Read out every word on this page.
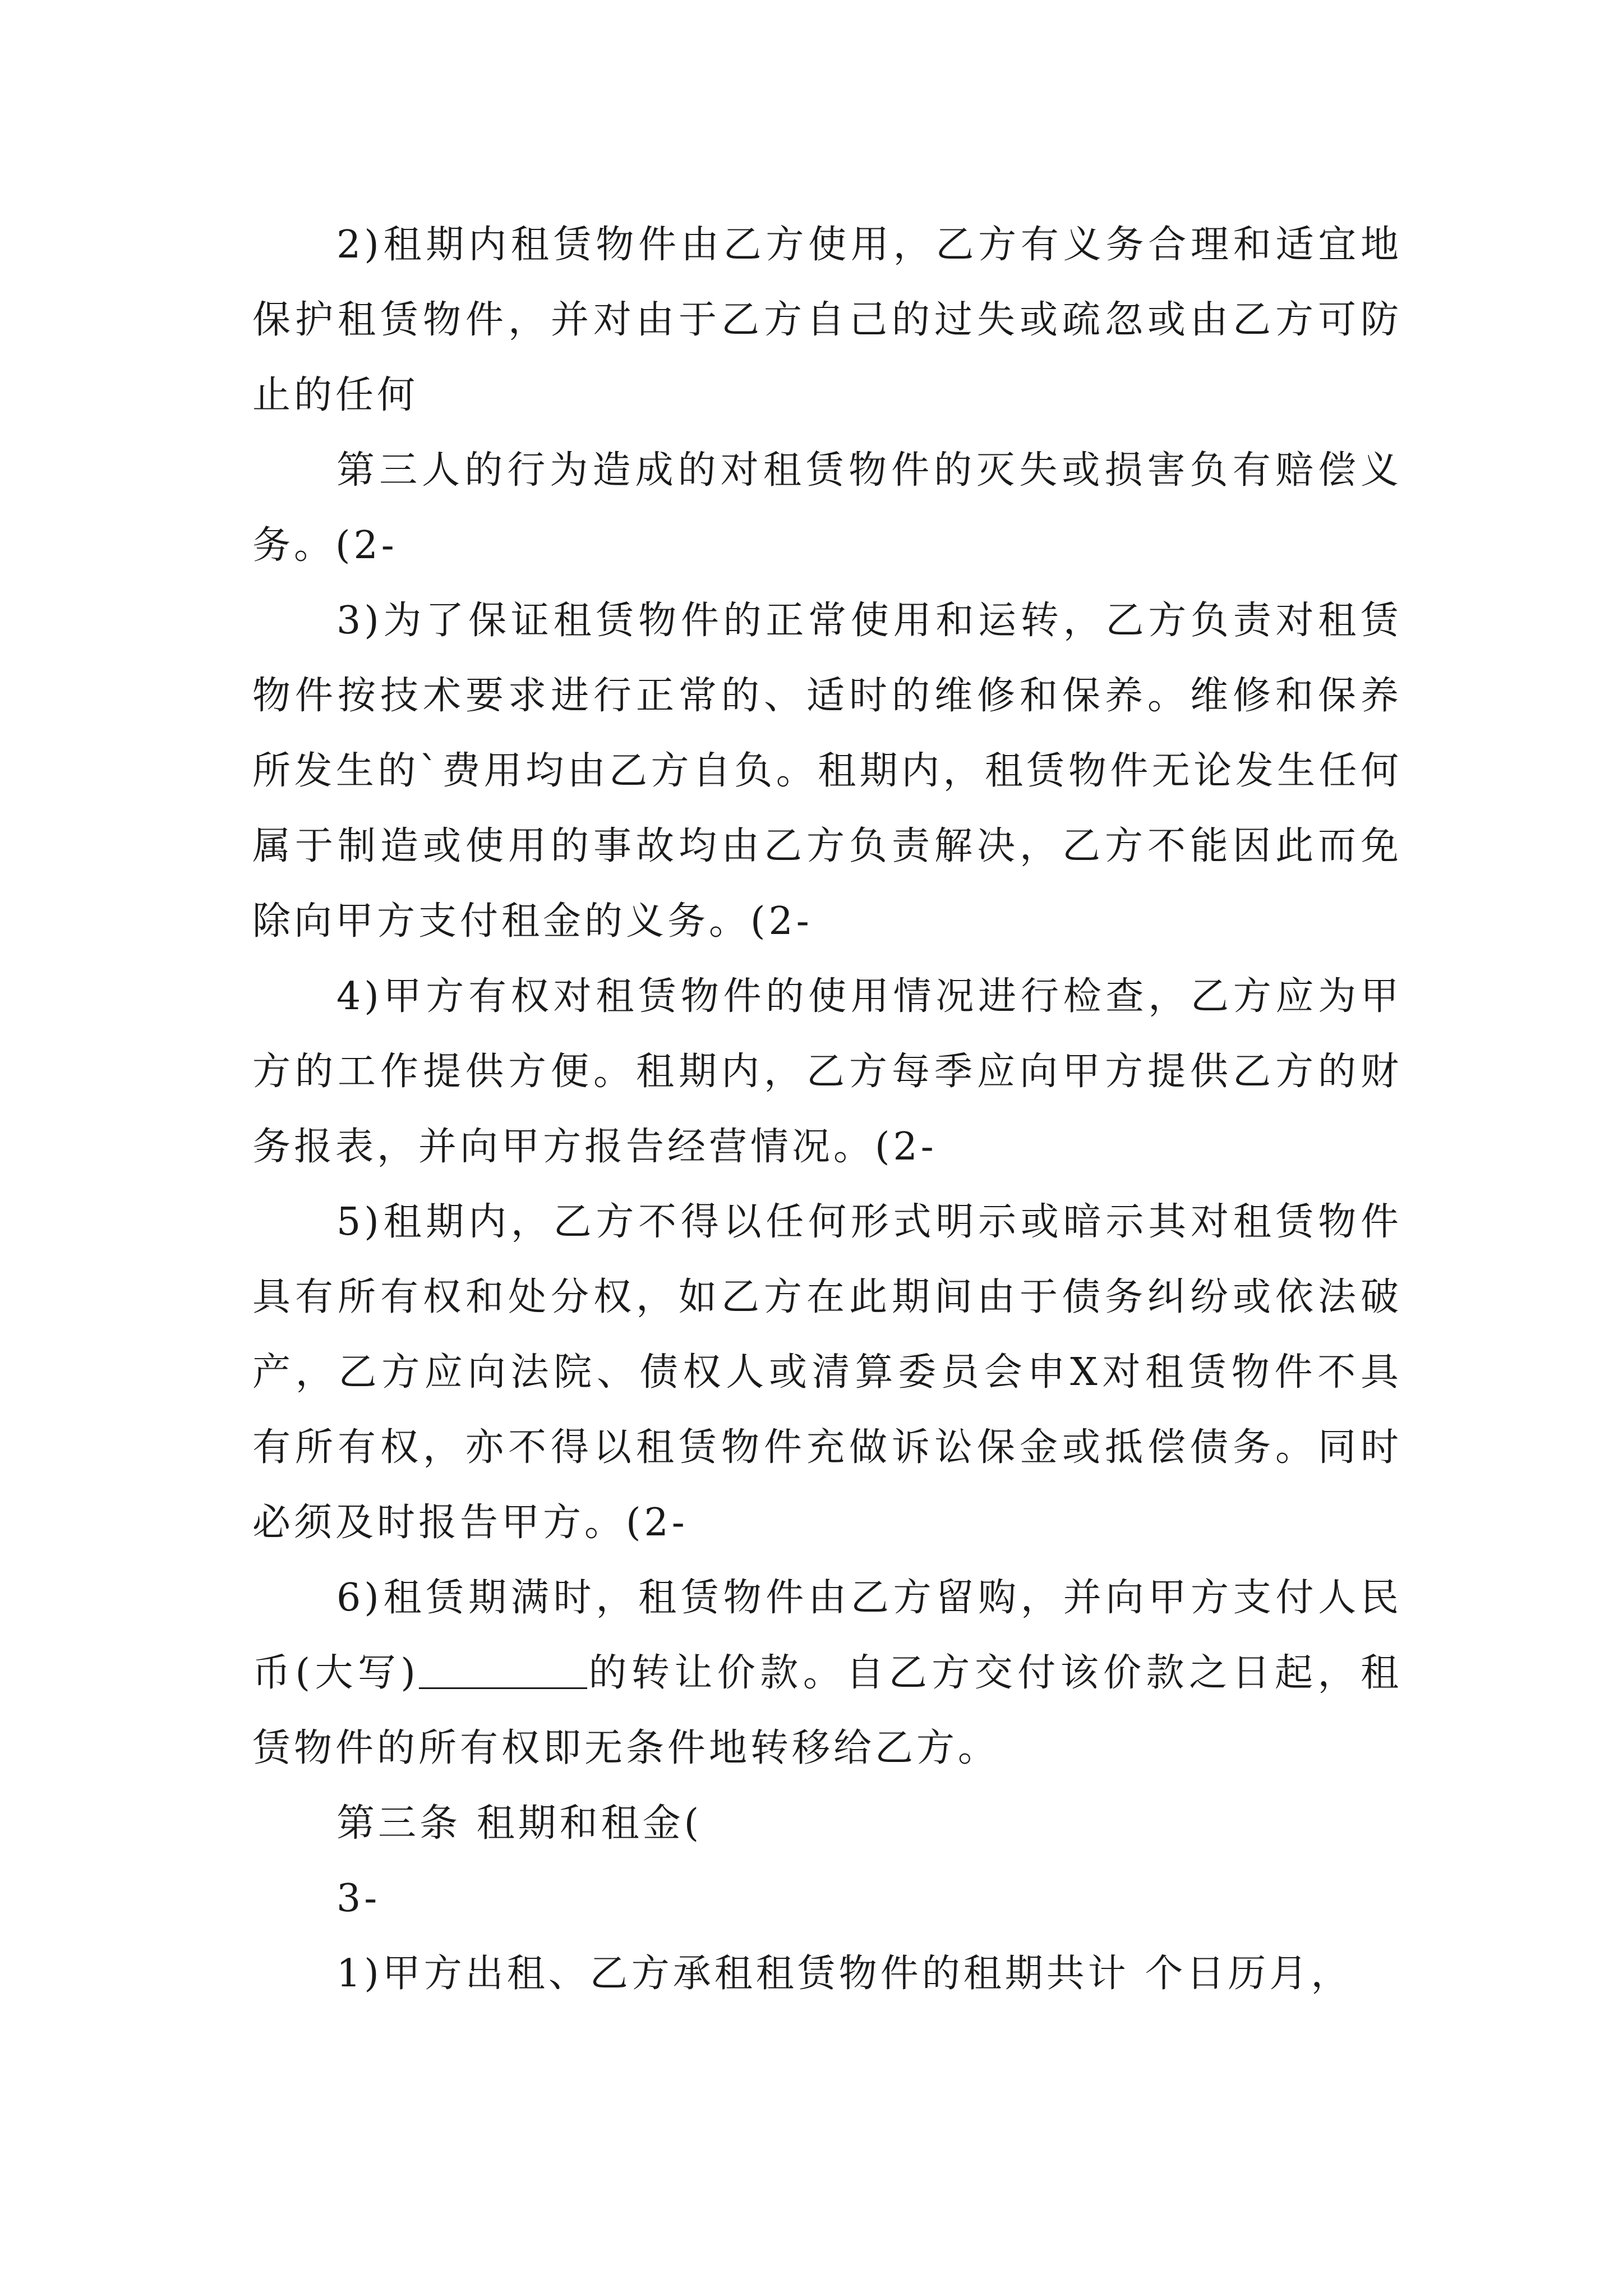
2)租期内租赁物件由乙方使用，乙方有义务合理和适宜地保护租赁物件，并对由于乙方自己的过失或疏忽或由乙方可防止的任何

第三人的行为造成的对租赁物件的灭失或损害负有赔偿义务。(2-

3)为了保证租赁物件的正常使用和运转，乙方负责对租赁物件按技术要求进行正常的、适时的维修和保养。维修和保养所发生的`费用均由乙方自负。租期内，租赁物件无论发生任何属于制造或使用的事故均由乙方负责解决，乙方不能因此而免除向甲方支付租金的义务。(2-

4)甲方有权对租赁物件的使用情况进行检查，乙方应为甲方的工作提供方便。租期内，乙方每季应向甲方提供乙方的财务报表，并向甲方报告经营情况。(2-

5)租期内，乙方不得以任何形式明示或暗示其对租赁物件具有所有权和处分权，如乙方在此期间由于债务纠纷或依法破产，乙方应向法院、债权人或清算委员会申X对租赁物件不具有所有权，亦不得以租赁物件充做诉讼保金或抵偿债务。同时必须及时报告甲方。(2-

6)租赁期满时，租赁物件由乙方留购，并向甲方支付人民币(大写)	的转让价款。自乙方交付该价款之日起，租赁物件的所有权即无条件地转移给乙方。

第三条 租期和租金(

3-

1)甲方出租、乙方承租租赁物件的租期共计 个日历月，
